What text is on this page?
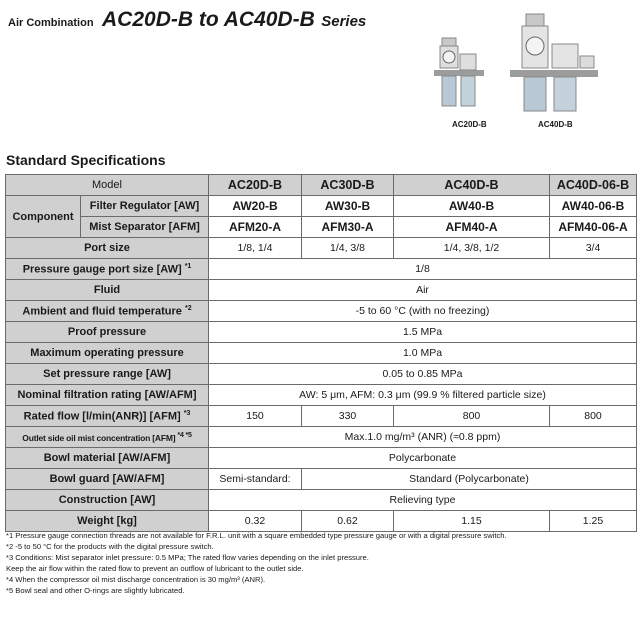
Air Combination AC20D-B to AC40D-B Series
AC20D-B	AC40D-B
Standard Specifications
Model		AC20D-B	AC30D-B	AC40D-B	AC40D-06-B
Component	Filter Regulator [AW]	AW20-B	AW30-B	AW40-B	AW40-06-B
	Mist Separator [AFM]	AFM20-A	AFM30-A	AFM40-A	AFM40-06-A
Port size		1/8, 1/4	1/4, 3/8	1/4, 3/8, 1/2	3/4
Pressure gauge port size [AW] $^{*1}$		1/8			
Fluid		Air			
Ambient and fluid temperature $^{*2}$		-5 to 60 °C (with no freezing)			
Proof pressure		1.5 MPa			
Maximum operating pressure		1.0 MPa			
Set pressure range [AW]		0.05 to 0.85 MPa			
Nominal filtration rating [AW/AFM]		AW: 5 μm, AFM: 0.3 μm (99.9 % filtered particle size)			
Rated flow [l/min(ANR)] [AFM] $^{*3}$		150	330	800	800
Outlet side oil mist concentration [AFM] $^{*4 *5}$		Max.1.0 mg/m³ (ANR) (≈0.8 ppm)			
Bowl material [AW/AFM]		Polycarbonate			
Bowl guard [AW/AFM]		Semi-standard:	Standard (Polycarbonate)		
Construction [AW]		Relieving type			
Weight [kg]		0.32	0.62	1.15	1.25
*1 Pressure gauge connection threads are not available for F.R.L. unit with a square embedded type pressure gauge or with a digital pressure switch.
*2 -5 to 50 °C for the products with the digital pressure switch.
*3 Conditions: Mist separator inlet pressure: 0.5 MPa; The rated flow varies depending on the inlet pressure.
Keep the air flow within the rated flow to prevent an outflow of lubricant to the outlet side.
*4 When the compressor oil mist discharge concentration is 30 mg/m³ (ANR).
*5 Bowl seal and other O-rings are slightly lubricated.
